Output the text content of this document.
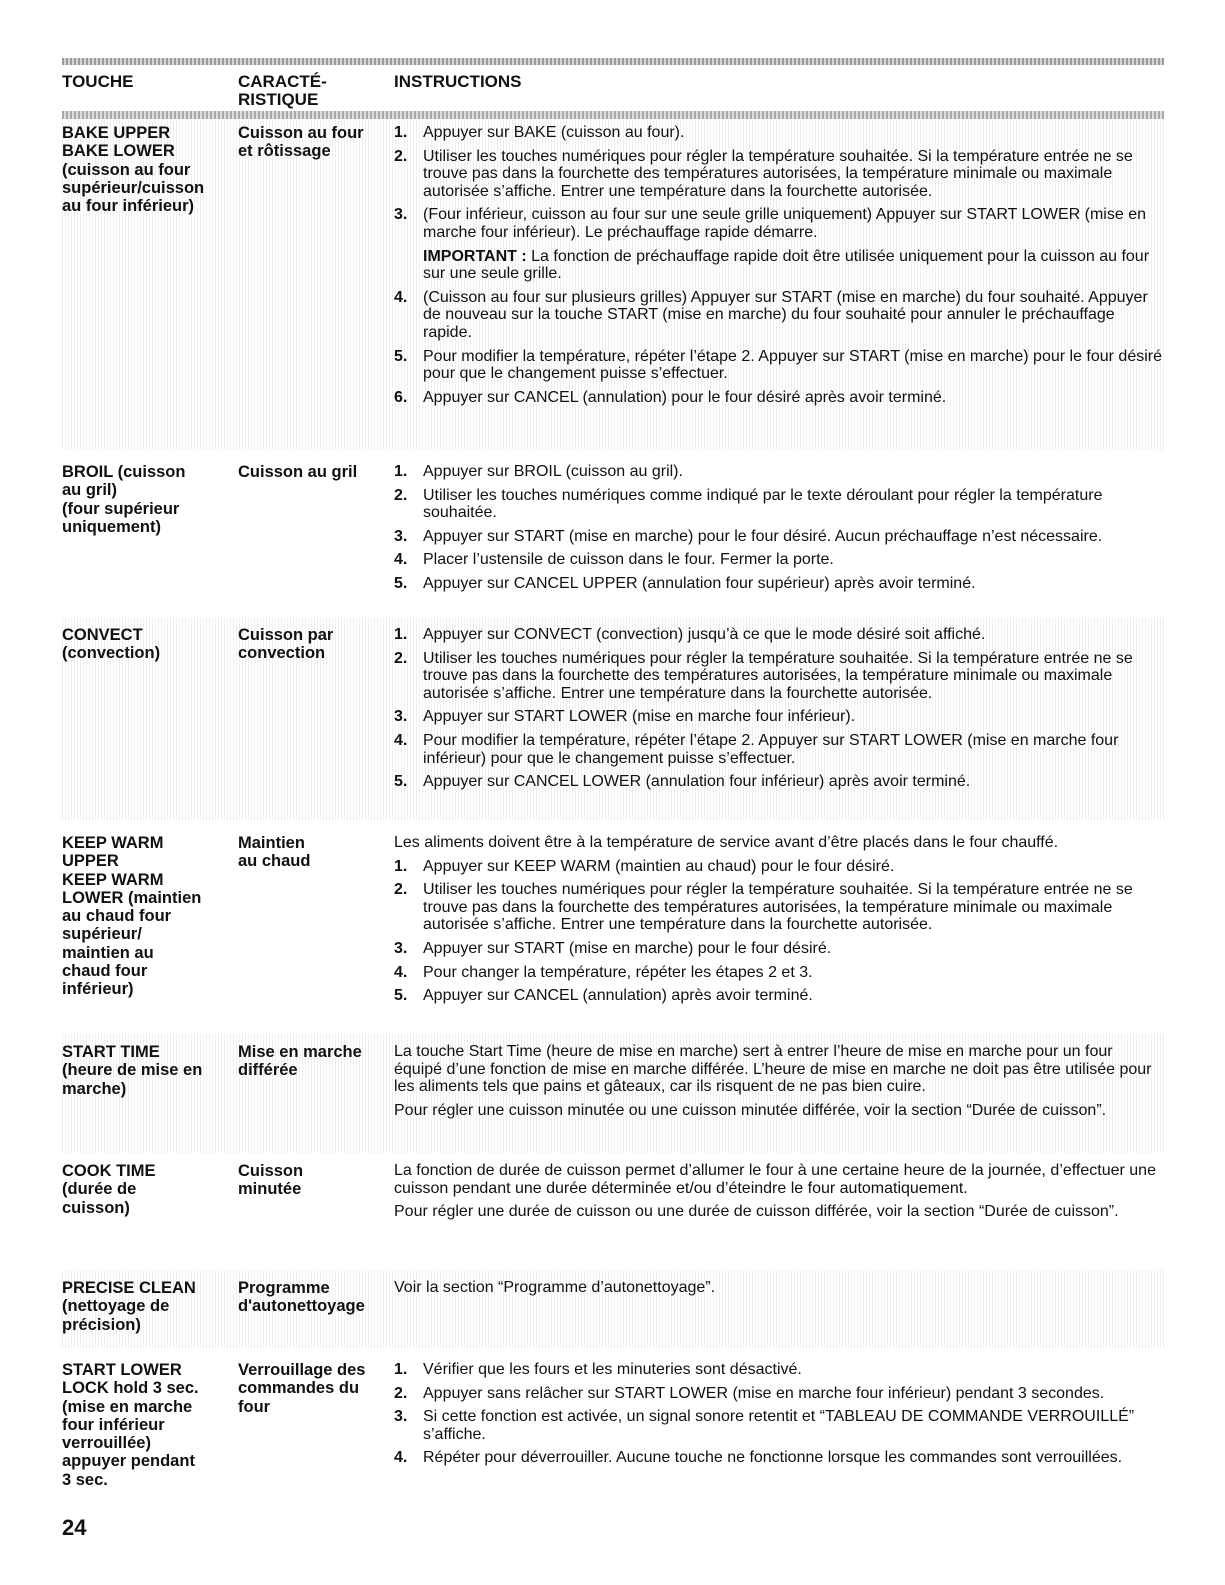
TOUCHE	CARACTÉ-
RISTIQUE
INSTRUCTIONS
BAKE UPPER
BAKE LOWER
(cuisson au four
supérieur/cuisson
au four inférieur)
Cuisson au four
et rôtissage
1. Appuyer sur BAKE (cuisson au four).
2. Utiliser les touches numériques pour régler la température souhaitée. Si la température entrée ne se trouve pas dans la fourchette des températures autorisées, la température minimale ou maximale autorisée s’affiche. Entrer une température dans la fourchette autorisée.
3. (Four inférieur, cuisson au four sur une seule grille uniquement) Appuyer sur START LOWER (mise en marche four inférieur). Le préchauffage rapide démarre.
IMPORTANT : La fonction de préchauffage rapide doit être utilisée uniquement pour la cuisson au four sur une seule grille.
4. (Cuisson au four sur plusieurs grilles) Appuyer sur START (mise en marche) du four souhaité. Appuyer de nouveau sur la touche START (mise en marche) du four souhaité pour annuler le préchauffage rapide.
5. Pour modifier la température, répéter l’étape 2. Appuyer sur START (mise en marche) pour le four désiré pour que le changement puisse s’effectuer.
6. Appuyer sur CANCEL (annulation) pour le four désiré après avoir terminé.
BROIL (cuisson
au gril)
(four supérieur
uniquement)
Cuisson au gril	1. Appuyer sur BROIL (cuisson au gril).
2. Utiliser les touches numériques comme indiqué par le texte déroulant pour régler la température souhaitée.
3. Appuyer sur START (mise en marche) pour le four désiré. Aucun préchauffage n’est nécessaire.
4. Placer l’ustensile de cuisson dans le four. Fermer la porte.
5. Appuyer sur CANCEL UPPER (annulation four supérieur) après avoir terminé.
CONVECT
(convection)
Cuisson par
convection
1. Appuyer sur CONVECT (convection) jusqu’à ce que le mode désiré soit affiché.
2. Utiliser les touches numériques pour régler la température souhaitée. Si la température entrée ne se trouve pas dans la fourchette des températures autorisées, la température minimale ou maximale autorisée s’affiche. Entrer une température dans la fourchette autorisée.
3. Appuyer sur START LOWER (mise en marche four inférieur).
4. Pour modifier la température, répéter l’étape 2. Appuyer sur START LOWER (mise en marche four inférieur) pour que le changement puisse s’effectuer.
5. Appuyer sur CANCEL LOWER (annulation four inférieur) après avoir terminé.
KEEP WARM
UPPER
KEEP WARM
LOWER (maintien
au chaud four
supérieur/
maintien au
chaud four
inférieur)
Maintien
au chaud

Les aliments doivent être à la température de service avant d’être placés dans le four chauffé.

1. Appuyer sur KEEP WARM (maintien au chaud) pour le four désiré.
2. Utiliser les touches numériques pour régler la température souhaitée. Si la température entrée ne se trouve pas dans la fourchette des températures autorisées, la température minimale ou maximale autorisée s’affiche. Entrer une température dans la fourchette autorisée.
3. Appuyer sur START (mise en marche) pour le four désiré.
4. Pour changer la température, répéter les étapes 2 et 3.
5. Appuyer sur CANCEL (annulation) après avoir terminé.
START TIME
(heure de mise en
marche)
Mise en marche
différée

La touche Start Time (heure de mise en marche) sert à entrer l’heure de mise en marche pour un four équipé d’une fonction de mise en marche différée. L’heure de mise en marche ne doit pas être utilisée pour les aliments tels que pains et gâteaux, car ils risquent de ne pas bien cuire.

Pour régler une cuisson minutée ou une cuisson minutée différée, voir la section “Durée de cuisson”.

COOK TIME
(durée de
cuisson)
Cuisson
minutée

La fonction de durée de cuisson permet d’allumer le four à une certaine heure de la journée, d’effectuer une cuisson pendant une durée déterminée et/ou d’éteindre le four automatiquement.

Pour régler une durée de cuisson ou une durée de cuisson différée, voir la section “Durée de cuisson”.

PRECISE CLEAN
(nettoyage de
précision)
Programme
d'autonettoyage

Voir la section “Programme d’autonettoyage”.

START LOWER
LOCK hold 3 sec.
(mise en marche
four inférieur
verrouillée)
appuyer pendant
3 sec.
Verrouillage des
commandes du
four
1. Vérifier que les fours et les minuteries sont désactivé.
2. Appuyer sans relâcher sur START LOWER (mise en marche four inférieur) pendant 3 secondes.
3. Si cette fonction est activée, un signal sonore retentit et “TABLEAU DE COMMANDE VERROUILLÉ” s’affiche.
4. Répéter pour déverrouiller. Aucune touche ne fonctionne lorsque les commandes sont verrouillées.
24
